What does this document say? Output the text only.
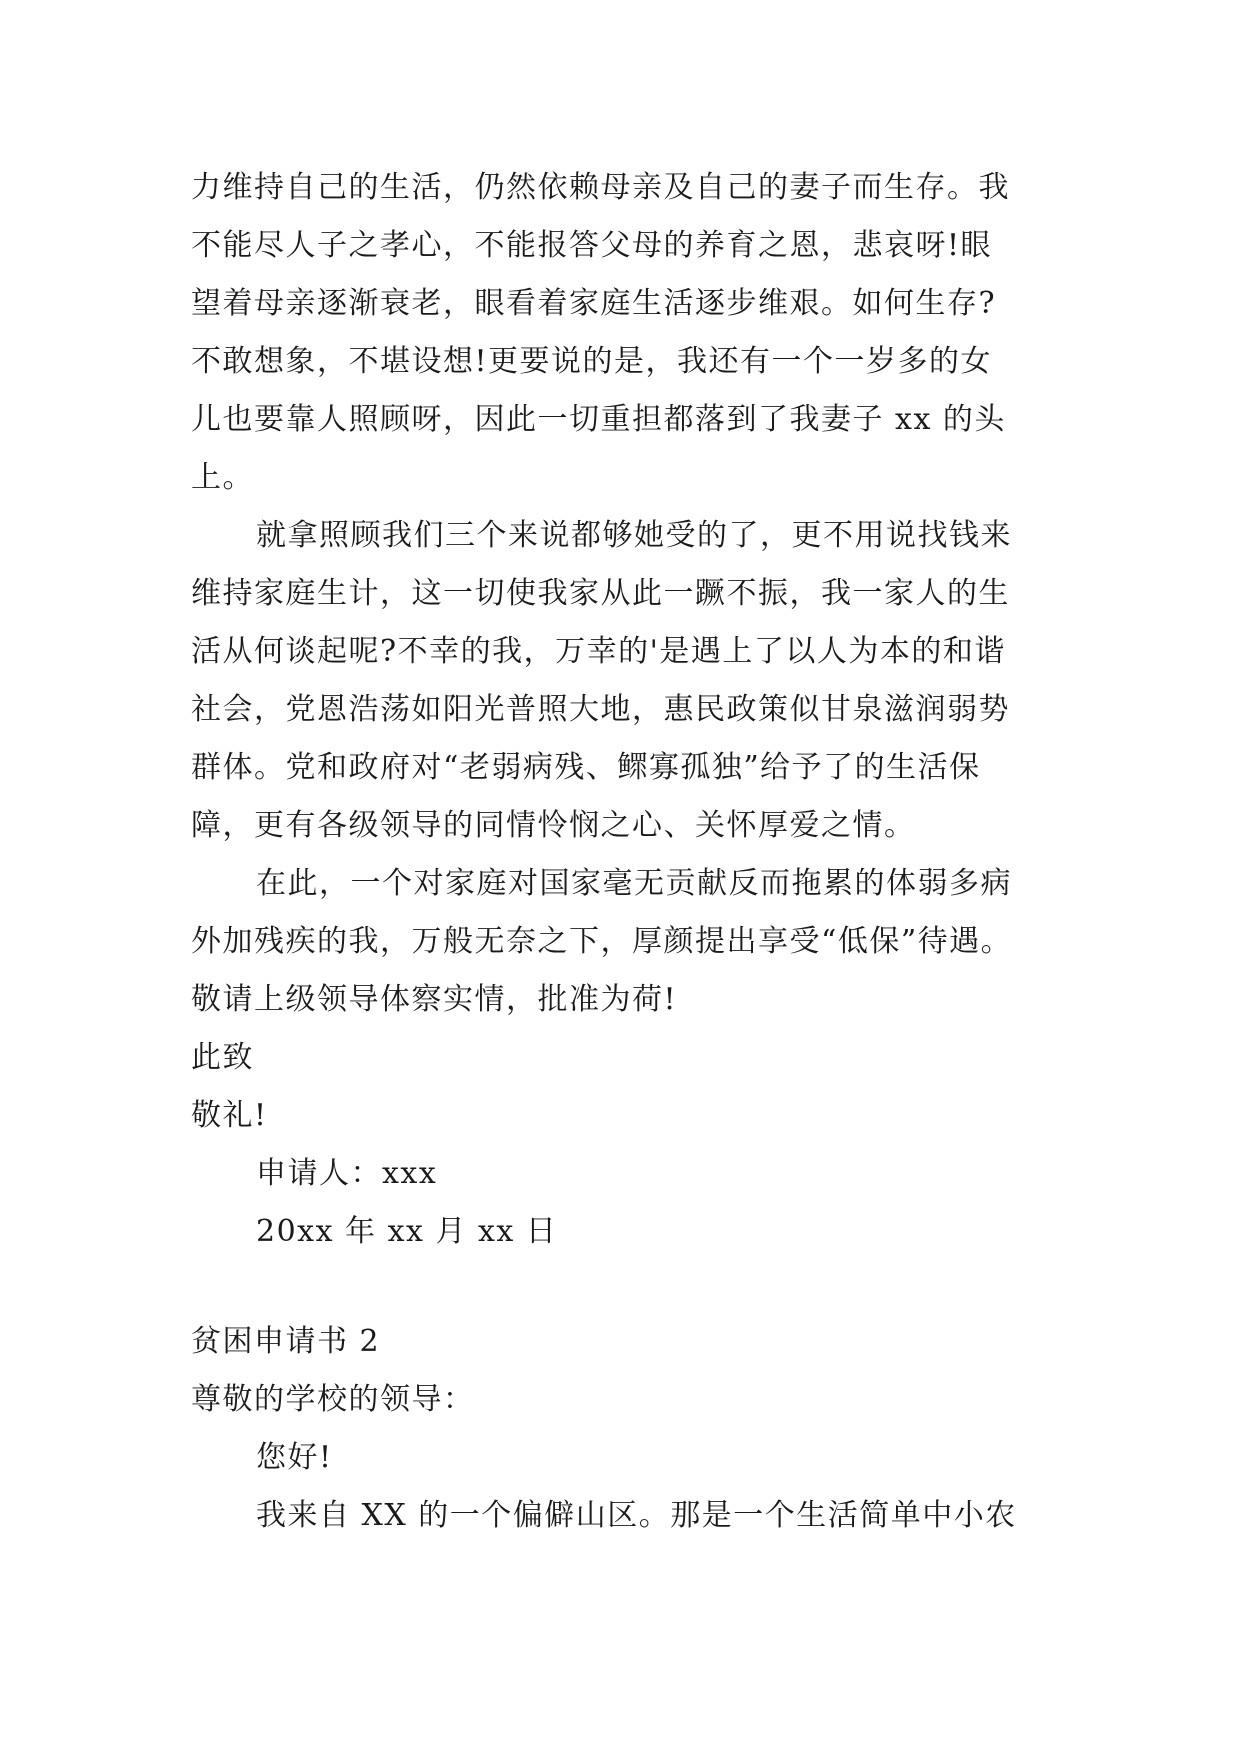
力维持自己的生活，仍然依赖母亲及自己的妻子而生存。我
不能尽人子之孝心，不能报答父母的养育之恩，悲哀呀!眼
望着母亲逐渐衰老，眼看着家庭生活逐步维艰。如何生存?
不敢想象，不堪设想!更要说的是，我还有一个一岁多的女
儿也要靠人照顾呀，因此一切重担都落到了我妻子 xx 的头
上。
就拿照顾我们三个来说都够她受的了，更不用说找钱来
维持家庭生计，这一切使我家从此一蹶不振，我一家人的生
活从何谈起呢?不幸的我，万幸的'是遇上了以人为本的和谐
社会，党恩浩荡如阳光普照大地，惠民政策似甘泉滋润弱势
群体。党和政府对“老弱病残、鳏寡孤独”给予了的生活保
障，更有各级领导的同情怜悯之心、关怀厚爱之情。
在此，一个对家庭对国家毫无贡献反而拖累的体弱多病
外加残疾的我，万般无奈之下，厚颜提出享受“低保”待遇。
敬请上级领导体察实情，批准为荷!
此致
敬礼!
申请人：xxx
20xx 年 xx 月 xx 日
贫困申请书 2
尊敬的学校的领导：
您好!
我来自 XX 的一个偏僻山区。那是一个生活简单中小农
